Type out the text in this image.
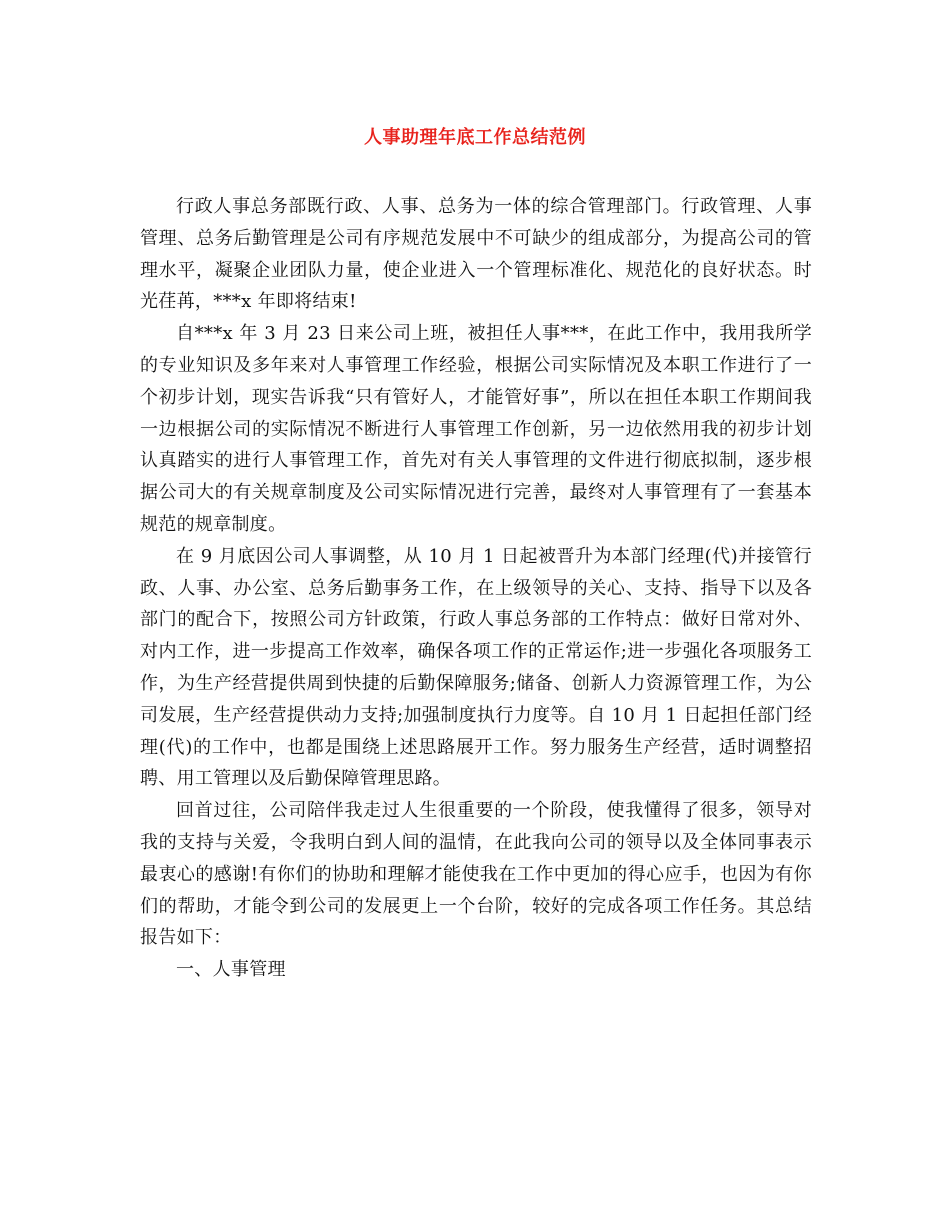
人事助理年底工作总结范例

行政人事总务部既行政、人事、总务为一体的综合管理部门。行政管理、人事管理、总务后勤管理是公司有序规范发展中不可缺少的组成部分，为提高公司的管理水平，凝聚企业团队力量，使企业进入一个管理标准化、规范化的良好状态。时光荏苒，***x 年即将结束!

自***x 年 3 月 23 日来公司上班，被担任人事***，在此工作中，我用我所学的专业知识及多年来对人事管理工作经验，根据公司实际情况及本职工作进行了一个初步计划，现实告诉我“只有管好人，才能管好事”，所以在担任本职工作期间我一边根据公司的实际情况不断进行人事管理工作创新，另一边依然用我的初步计划认真踏实的进行人事管理工作，首先对有关人事管理的文件进行彻底拟制，逐步根据公司大的有关规章制度及公司实际情况进行完善，最终对人事管理有了一套基本规范的规章制度。

在 9 月底因公司人事调整，从 10 月 1 日起被晋升为本部门经理(代)并接管行政、人事、办公室、总务后勤事务工作，在上级领导的关心、支持、指导下以及各部门的配合下，按照公司方针政策，行政人事总务部的工作特点：做好日常对外、对内工作，进一步提高工作效率，确保各项工作的正常运作;进一步强化各项服务工作，为生产经营提供周到快捷的后勤保障服务;储备、创新人力资源管理工作，为公司发展，生产经营提供动力支持;加强制度执行力度等。自 10 月 1 日起担任部门经理(代)的工作中，也都是围绕上述思路展开工作。努力服务生产经营，适时调整招聘、用工管理以及后勤保障管理思路。

回首过往，公司陪伴我走过人生很重要的一个阶段，使我懂得了很多，领导对我的支持与关爱，令我明白到人间的温情，在此我向公司的领导以及全体同事表示最衷心的感谢!有你们的协助和理解才能使我在工作中更加的得心应手，也因为有你们的帮助，才能令到公司的发展更上一个台阶，较好的完成各项工作任务。其总结报告如下：

一、人事管理
